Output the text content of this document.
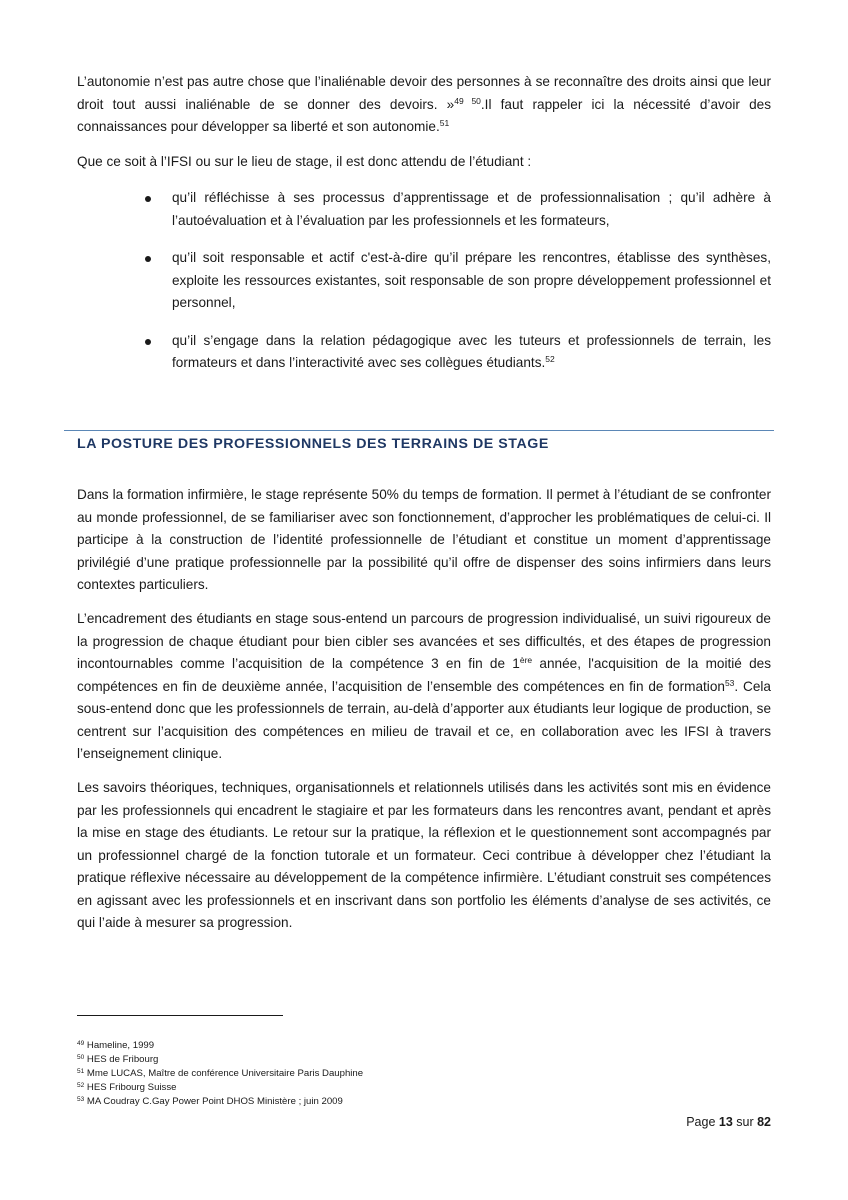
L’autonomie n’est pas autre chose que l’inaliénable devoir des personnes à se reconnaître des droits ainsi que leur droit tout aussi inaliénable de se donner des devoirs. »$^{49 50}$.Il faut rappeler ici la nécessité d’avoir des connaissances pour développer sa liberté et son autonomie.$^{51}$

Que ce soit à l’IFSI ou sur le lieu de stage, il est donc attendu de l’étudiant :

qu’il réfléchisse à ses processus d’apprentissage et de professionnalisation ; qu’il adhère à l’autoévaluation et à l’évaluation par les professionnels et les formateurs,
qu’il soit responsable et actif c'est-à-dire qu’il prépare les rencontres, établisse des synthèses, exploite les ressources existantes, soit responsable de son propre développement professionnel et personnel,
qu’il s’engage dans la relation pédagogique avec les tuteurs et professionnels de terrain, les formateurs et dans l’interactivité avec ses collègues étudiants.$^{52}$
LA POSTURE DES PROFESSIONNELS DES TERRAINS DE STAGE

Dans la formation infirmière, le stage représente 50% du temps de formation. Il permet à l’étudiant de se confronter au monde professionnel, de se familiariser avec son fonctionnement, d’approcher les problématiques de celui-ci. Il participe à la construction de l’identité professionnelle de l’étudiant et constitue un moment d’apprentissage privilégié d’une pratique professionnelle par la possibilité qu’il offre de dispenser des soins infirmiers dans leurs contextes particuliers.

L’encadrement des étudiants en stage sous-entend un parcours de progression individualisé, un suivi rigoureux de la progression de chaque étudiant pour bien cibler ses avancées et ses difficultés, et des étapes de progression incontournables comme l’acquisition de la compétence 3 en fin de 1ère année, l'acquisition de la moitié des compétences en fin de deuxième année, l’acquisition de l’ensemble des compétences en fin de formation$^{53}$. Cela sous-entend donc que les professionnels de terrain, au-delà d’apporter aux étudiants leur logique de production, se centrent sur l’acquisition des compétences en milieu de travail et ce, en collaboration avec les IFSI à travers l’enseignement clinique.

Les savoirs théoriques, techniques, organisationnels et relationnels utilisés dans les activités sont mis en évidence par les professionnels qui encadrent le stagiaire et par les formateurs dans les rencontres avant, pendant et après la mise en stage des étudiants. Le retour sur la pratique, la réflexion et le questionnement sont accompagnés par un professionnel chargé de la fonction tutorale et un formateur. Ceci contribue à développer chez l’étudiant la pratique réflexive nécessaire au développement de la compétence infirmière. L’étudiant construit ses compétences en agissant avec les professionnels et en inscrivant dans son portfolio les éléments d’analyse de ses activités, ce qui l’aide à mesurer sa progression.

$^{49}$ Hameline, 1999
$^{50}$ HES de Fribourg
$^{51}$ Mme LUCAS, Maître de conférence Universitaire Paris Dauphine
$^{52}$ HES Fribourg Suisse
$^{53}$ MA Coudray C.Gay Power Point DHOS Ministère ; juin 2009
Page 13 sur 82
